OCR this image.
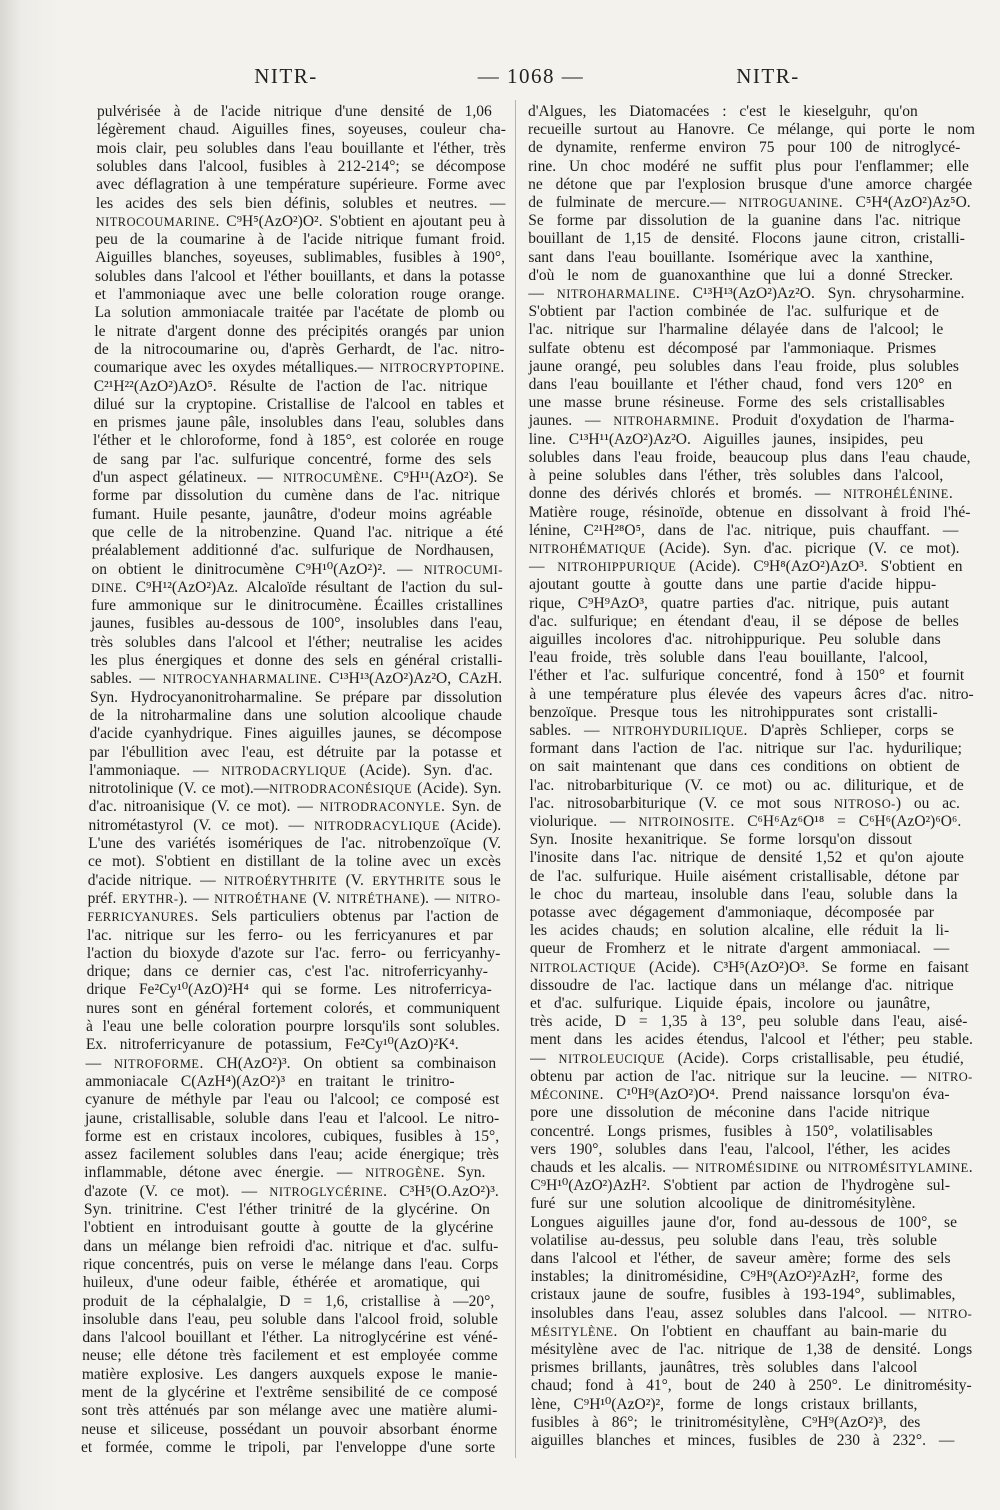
NITR-	— 1068 —	NITR-
pulvérisée à de l'acide nitrique d'une densité de 1,06
légèrement chaud. Aiguilles fines, soyeuses, couleur cha-
mois clair, peu solubles dans l'eau bouillante et l'éther, très
solubles dans l'alcool, fusibles à 212-214°; se décompose
avec déflagration à une température supérieure. Forme avec
les acides des sels bien définis, solubles et neutres. —
NITROCOUMARINE. C⁹H⁵(AzO²)O². S'obtient en ajoutant peu à
peu de la coumarine à de l'acide nitrique fumant froid.
Aiguilles blanches, soyeuses, sublimables, fusibles à 190°,
solubles dans l'alcool et l'éther bouillants, et dans la potasse
et l'ammoniaque avec une belle coloration rouge orange.
La solution ammoniacale traitée par l'acétate de plomb ou
le nitrate d'argent donne des précipités orangés par union
de la nitrocoumarine ou, d'après Gerhardt, de l'ac. nitro-
coumarique avec les oxydes métalliques.— NITROCRYPTOPINE.
C²¹H²²(AzO²)AzO⁵. Résulte de l'action de l'ac. nitrique
dilué sur la cryptopine. Cristallise de l'alcool en tables et
en prismes jaune pâle, insolubles dans l'eau, solubles dans
l'éther et le chloroforme, fond à 185°, est colorée en rouge
de sang par l'ac. sulfurique concentré, forme des sels
d'un aspect gélatineux. — NITROCUMÈNE. C⁹H¹¹(AzO²). Se
forme par dissolution du cumène dans de l'ac. nitrique
fumant. Huile pesante, jaunâtre, d'odeur moins agréable
que celle de la nitrobenzine. Quand l'ac. nitrique a été
préalablement additionné d'ac. sulfurique de Nordhausen,
on obtient le dinitrocumène C⁹H¹⁰(AzO²)². — NITROCUMI-
DINE. C⁹H¹²(AzO²)Az. Alcaloïde résultant de l'action du sul-
fure ammonique sur le dinitrocumène. Écailles cristallines
jaunes, fusibles au-dessous de 100°, insolubles dans l'eau,
très solubles dans l'alcool et l'éther; neutralise les acides
les plus énergiques et donne des sels en général cristalli-
sables. — NITROCYANHARMALINE. C¹³H¹³(AzO²)Az²O, CAzH.
Syn. Hydrocyanonitroharmaline. Se prépare par dissolution
de la nitroharmaline dans une solution alcoolique chaude
d'acide cyanhydrique. Fines aiguilles jaunes, se décompose
par l'ébullition avec l'eau, est détruite par la potasse et
l'ammoniaque. — NITRODACRYLIQUE (Acide). Syn. d'ac.
nitrotolinique (V. ce mot).—NITRODRACONÉSIQUE (Acide). Syn.
d'ac. nitroanisique (V. ce mot). — NITRODRACONYLE. Syn. de
nitrométastyrol (V. ce mot). — NITRODRACYLIQUE (Acide).
L'une des variétés isomériques de l'ac. nitrobenzoïque (V.
ce mot). S'obtient en distillant de la toline avec un excès
d'acide nitrique. — NITROÉRYTHRITE (V. ERYTHRITE sous le
préf. ERYTHR-). — NITROÉTHANE (V. NITRÉTHANE). — NITRO-
FERRICYANURES. Sels particuliers obtenus par l'action de
l'ac. nitrique sur les ferro- ou les ferricyanures et par
l'action du bioxyde d'azote sur l'ac. ferro- ou ferricyanhy-
drique; dans ce dernier cas, c'est l'ac. nitroferricyanhy-
drique Fe²Cy¹⁰(AzO)²H⁴ qui se forme. Les nitroferricya-
nures sont en général fortement colorés, et communiquent
à l'eau une belle coloration pourpre lorsqu'ils sont solubles.
Ex. nitroferricyanure de potassium, Fe²Cy¹⁰(AzO)²K⁴.
— NITROFORME. CH(AzO²)³. On obtient sa combinaison
ammoniacale C(AzH⁴)(AzO²)³ en traitant le trinitro-
cyanure de méthyle par l'eau ou l'alcool; ce composé est
jaune, cristallisable, soluble dans l'eau et l'alcool. Le nitro-
forme est en cristaux incolores, cubiques, fusibles à 15°,
assez facilement solubles dans l'eau; acide énergique; très
inflammable, détone avec énergie. — NITROGÈNE. Syn.
d'azote (V. ce mot). — NITROGLYCÉRINE. C³H⁵(O.AzO²)³.
Syn. trinitrine. C'est l'éther trinitré de la glycérine. On
l'obtient en introduisant goutte à goutte de la glycérine
dans un mélange bien refroidi d'ac. nitrique et d'ac. sulfu-
rique concentrés, puis on verse le mélange dans l'eau. Corps
huileux, d'une odeur faible, éthérée et aromatique, qui
produit de la céphalalgie, D = 1,6, cristallise à —20°,
insoluble dans l'eau, peu soluble dans l'alcool froid, soluble
dans l'alcool bouillant et l'éther. La nitroglycérine est véné-
neuse; elle détone très facilement et est employée comme
matière explosive. Les dangers auxquels expose le manie-
ment de la glycérine et l'extrême sensibilité de ce composé
sont très atténués par son mélange avec une matière alumi-
neuse et siliceuse, possédant un pouvoir absorbant énorme
et formée, comme le tripoli, par l'enveloppe d'une sorte
d'Algues, les Diatomacées : c'est le kieselguhr, qu'on
recueille surtout au Hanovre. Ce mélange, qui porte le nom
de dynamite, renferme environ 75 pour 100 de nitroglycé-
rine. Un choc modéré ne suffit plus pour l'enflammer; elle
ne détone que par l'explosion brusque d'une amorce chargée
de fulminate de mercure.— NITROGUANINE. C⁵H⁴(AzO²)Az⁵O.
Se forme par dissolution de la guanine dans l'ac. nitrique
bouillant de 1,15 de densité. Flocons jaune citron, cristalli-
sant dans l'eau bouillante. Isomérique avec la xanthine,
d'où le nom de guanoxanthine que lui a donné Strecker.
— NITROHARMALINE. C¹³H¹³(AzO²)Az²O. Syn. chrysoharmine.
S'obtient par l'action combinée de l'ac. sulfurique et de
l'ac. nitrique sur l'harmaline délayée dans de l'alcool; le
sulfate obtenu est décomposé par l'ammoniaque. Prismes
jaune orangé, peu solubles dans l'eau froide, plus solubles
dans l'eau bouillante et l'éther chaud, fond vers 120° en
une masse brune résineuse. Forme des sels cristallisables
jaunes. — NITROHARMINE. Produit d'oxydation de l'harma-
line. C¹³H¹¹(AzO²)Az²O. Aiguilles jaunes, insipides, peu
solubles dans l'eau froide, beaucoup plus dans l'eau chaude,
à peine solubles dans l'éther, très solubles dans l'alcool,
donne des dérivés chlorés et bromés. — NITROHÉLÉNINE.
Matière rouge, résinoïde, obtenue en dissolvant à froid l'hé-
lénine, C²¹H²⁸O⁵, dans de l'ac. nitrique, puis chauffant. —
NITROHÉMATIQUE (Acide). Syn. d'ac. picrique (V. ce mot).
— NITROHIPPURIQUE (Acide). C⁹H⁸(AzO²)AzO³. S'obtient en
ajoutant goutte à goutte dans une partie d'acide hippu-
rique, C⁹H⁹AzO³, quatre parties d'ac. nitrique, puis autant
d'ac. sulfurique; en étendant d'eau, il se dépose de belles
aiguilles incolores d'ac. nitrohippurique. Peu soluble dans
l'eau froide, très soluble dans l'eau bouillante, l'alcool,
l'éther et l'ac. sulfurique concentré, fond à 150° et fournit
à une température plus élevée des vapeurs âcres d'ac. nitro-
benzoïque. Presque tous les nitrohippurates sont cristalli-
sables. — NITROHYDURILIQUE. D'après Schlieper, corps se
formant dans l'action de l'ac. nitrique sur l'ac. hydurilique;
on sait maintenant que dans ces conditions on obtient de
l'ac. nitrobarbiturique (V. ce mot) ou ac. diliturique, et de
l'ac. nitrosobarbiturique (V. ce mot sous NITROSO-) ou ac.
violurique. — NITROINOSITE. C⁶H⁶Az⁶O¹⁸ = C⁶H⁶(AzO²)⁶O⁶.
Syn. Inosite hexanitrique. Se forme lorsqu'on dissout
l'inosite dans l'ac. nitrique de densité 1,52 et qu'on ajoute
de l'ac. sulfurique. Huile aisément cristallisable, détone par
le choc du marteau, insoluble dans l'eau, soluble dans la
potasse avec dégagement d'ammoniaque, décomposée par
les acides chauds; en solution alcaline, elle réduit la li-
queur de Fromherz et le nitrate d'argent ammoniacal. —
NITROLACTIQUE (Acide). C³H⁵(AzO²)O³. Se forme en faisant
dissoudre de l'ac. lactique dans un mélange d'ac. nitrique
et d'ac. sulfurique. Liquide épais, incolore ou jaunâtre,
très acide, D = 1,35 à 13°, peu soluble dans l'eau, aisé-
ment dans les acides étendus, l'alcool et l'éther; peu stable.
— NITROLEUCIQUE (Acide). Corps cristallisable, peu étudié,
obtenu par action de l'ac. nitrique sur la leucine. — NITRO-
MÉCONINE. C¹⁰H⁹(AzO²)O⁴. Prend naissance lorsqu'on éva-
pore une dissolution de méconine dans l'acide nitrique
concentré. Longs prismes, fusibles à 150°, volatilisables
vers 190°, solubles dans l'eau, l'alcool, l'éther, les acides
chauds et les alcalis. — NITROMÉSIDINE ou NITROMÉSITYLAMINE.
C⁹H¹⁰(AzO²)AzH². S'obtient par action de l'hydrogène sul-
furé sur une solution alcoolique de dinitromésitylène.
Longues aiguilles jaune d'or, fond au-dessous de 100°, se
volatilise au-dessus, peu soluble dans l'eau, très soluble
dans l'alcool et l'éther, de saveur amère; forme des sels
instables; la dinitromésidine, C⁹H⁹(AzO²)²AzH², forme des
cristaux jaune de soufre, fusibles à 193-194°, sublimables,
insolubles dans l'eau, assez solubles dans l'alcool. — NITRO-
MÉSITYLÈNE. On l'obtient en chauffant au bain-marie du
mésitylène avec de l'ac. nitrique de 1,38 de densité. Longs
prismes brillants, jaunâtres, très solubles dans l'alcool
chaud; fond à 41°, bout de 240 à 250°. Le dinitromésity-
lène, C⁹H¹⁰(AzO²)², forme de longs cristaux brillants,
fusibles à 86°; le trinitromésitylène, C⁹H⁹(AzO²)³, des
aiguilles blanches et minces, fusibles de 230 à 232°. —
